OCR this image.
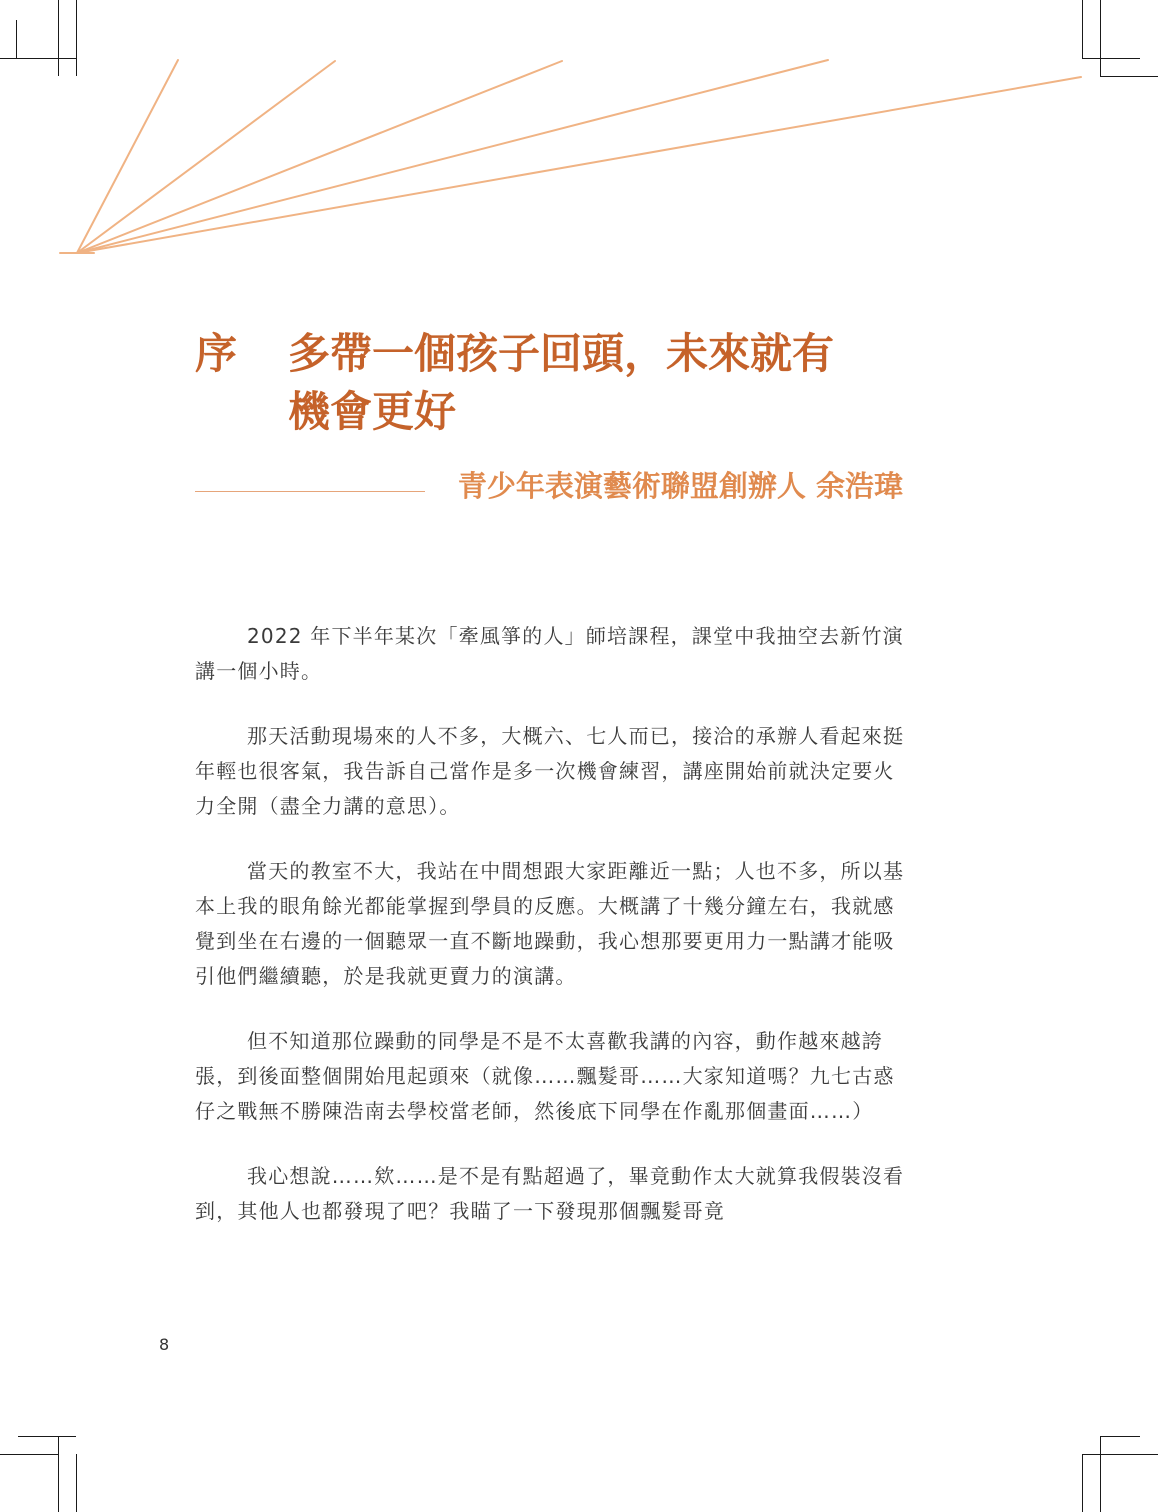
序 多帶一個孩子回頭，未來就有
機會更好
青少年表演藝術聯盟創辦人 余浩瑋

2022 年下半年某次「牽風箏的人」師培課程，課堂中我抽空去新竹演講一個小時。

那天活動現場來的人不多，大概六、七人而已，接洽的承辦人看起來挺年輕也很客氣，我告訴自己當作是多一次機會練習，講座開始前就決定要火力全開（盡全力講的意思）。

當天的教室不大，我站在中間想跟大家距離近一點；人也不多，所以基本上我的眼角餘光都能掌握到學員的反應。大概講了十幾分鐘左右，我就感覺到坐在右邊的一個聽眾一直不斷地躁動，我心想那要更用力一點講才能吸引他們繼續聽，於是我就更賣力的演講。

但不知道那位躁動的同學是不是不太喜歡我講的內容，動作越來越誇張，到後面整個開始甩起頭來（就像……飄髮哥……大家知道嗎？九七古惑仔之戰無不勝陳浩南去學校當老師，然後底下同學在作亂那個畫面……）

我心想說……欸……是不是有點超過了，畢竟動作太大就算我假裝沒看到，其他人也都發現了吧？我瞄了一下發現那個飄髮哥竟

8
